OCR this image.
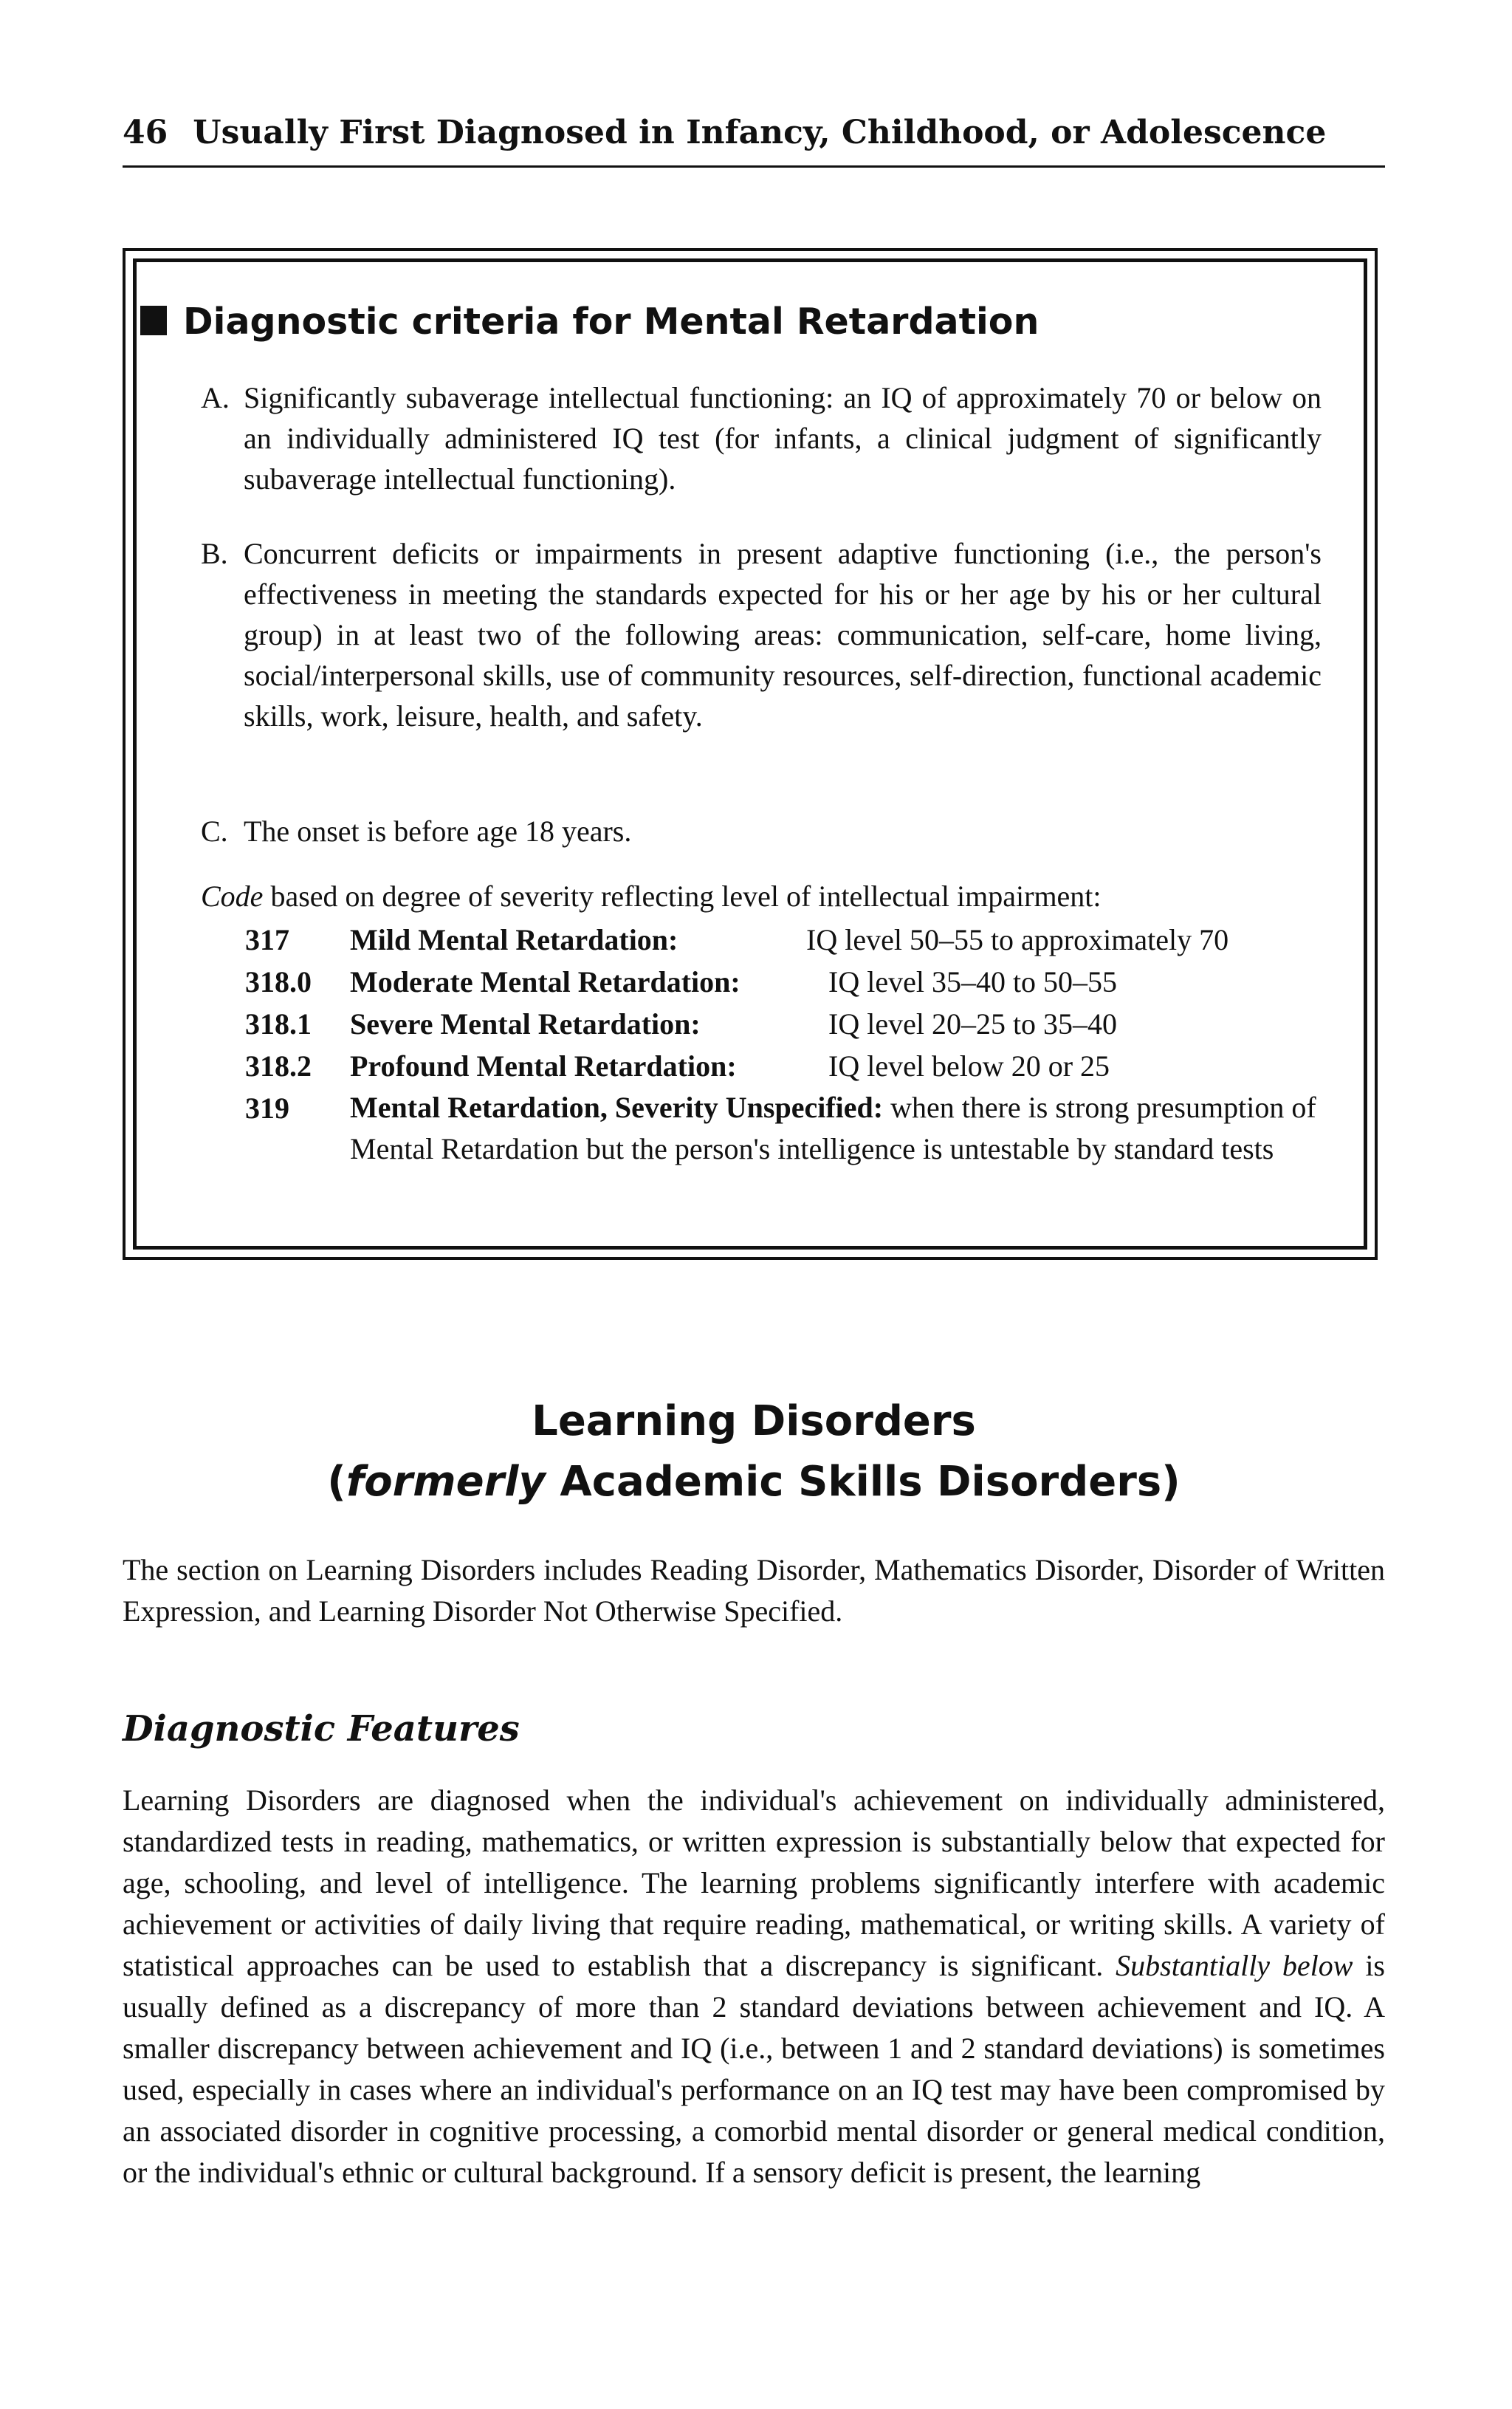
46 Usually First Diagnosed in Infancy, Childhood, or Adolescence
Diagnostic criteria for Mental Retardation
A. Significantly subaverage intellectual functioning: an IQ of approximately 70 or below on an individually administered IQ test (for infants, a clinical judgment of significantly subaverage intellectual functioning).
B. Concurrent deficits or impairments in present adaptive functioning (i.e., the person's effectiveness in meeting the standards expected for his or her age by his or her cultural group) in at least two of the following areas: communication, self-care, home living, social/interpersonal skills, use of community resources, self-direction, functional academic skills, work, leisure, health, and safety.
C. The onset is before age 18 years.
Code based on degree of severity reflecting level of intellectual impairment:
317 Mild Mental Retardation:	IQ level 50–55 to approximately 70
318.0 Moderate Mental Retardation:	IQ level 35–40 to 50–55
318.1 Severe Mental Retardation:	IQ level 20–25 to 35–40
318.2 Profound Mental Retardation:	IQ level below 20 or 25
319 Mental Retardation, Severity Unspecified: when there is strong presumption of Mental Retardation but the person's intelligence is untestable by standard tests
Learning Disorders
(formerly Academic Skills Disorders)
The section on Learning Disorders includes Reading Disorder, Mathematics Disorder, Disorder of Written Expression, and Learning Disorder Not Otherwise Specified.
Diagnostic Features
Learning Disorders are diagnosed when the individual's achievement on individually administered, standardized tests in reading, mathematics, or written expression is substantially below that expected for age, schooling, and level of intelligence. The learning problems significantly interfere with academic achievement or activities of daily living that require reading, mathematical, or writing skills. A variety of statistical approaches can be used to establish that a discrepancy is significant. Substantially below is usually defined as a discrepancy of more than 2 standard deviations between achievement and IQ. A smaller discrepancy between achievement and IQ (i.e., between 1 and 2 standard deviations) is sometimes used, especially in cases where an individual's performance on an IQ test may have been compromised by an associated disorder in cognitive processing, a comorbid mental disorder or general medical condition, or the individual's ethnic or cultural background. If a sensory deficit is present, the learning
